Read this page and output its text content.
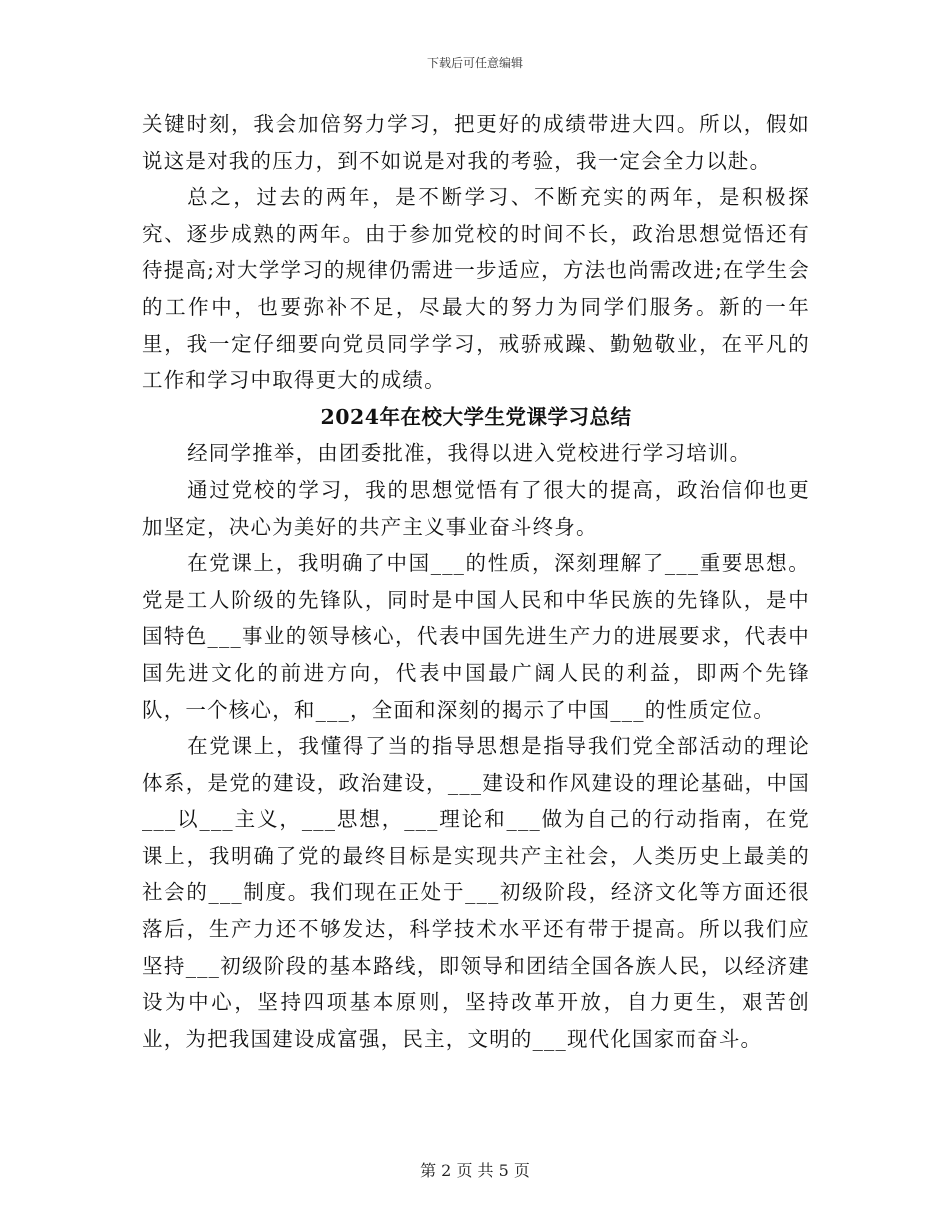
下载后可任意编辑

关键时刻，我会加倍努力学习，把更好的成绩带进大四。所以，假如说这是对我的压力，到不如说是对我的考验，我一定会全力以赴。

总之，过去的两年，是不断学习、不断充实的两年，是积极探究、逐步成熟的两年。由于参加党校的时间不长，政治思想觉悟还有待提高;对大学学习的规律仍需进一步适应，方法也尚需改进;在学生会的工作中，也要弥补不足，尽最大的努力为同学们服务。新的一年里，我一定仔细要向党员同学学习，戒骄戒躁、勤勉敬业，在平凡的工作和学习中取得更大的成绩。

2024年在校大学生党课学习总结

经同学推举，由团委批准，我得以进入党校进行学习培训。

通过党校的学习，我的思想觉悟有了很大的提高，政治信仰也更加坚定，决心为美好的共产主义事业奋斗终身。

在党课上，我明确了中国___的性质，深刻理解了___重要思想。党是工人阶级的先锋队，同时是中国人民和中华民族的先锋队，是中国特色___事业的领导核心，代表中国先进生产力的进展要求，代表中国先进文化的前进方向，代表中国最广阔人民的利益，即两个先锋队，一个核心，和___，全面和深刻的揭示了中国___的性质定位。

在党课上，我懂得了当的指导思想是指导我们党全部活动的理论体系，是党的建设，政治建设，___建设和作风建设的理论基础，中国___以___主义，___思想，___理论和___做为自己的行动指南，在党课上，我明确了党的最终目标是实现共产主社会，人类历史上最美的社会的___制度。我们现在正处于___初级阶段，经济文化等方面还很落后，生产力还不够发达，科学技术水平还有带于提高。所以我们应坚持___初级阶段的基本路线，即领导和团结全国各族人民，以经济建设为中心，坚持四项基本原则，坚持改革开放，自力更生，艰苦创业，为把我国建设成富强，民主，文明的___现代化国家而奋斗。

第 2 页 共 5 页
